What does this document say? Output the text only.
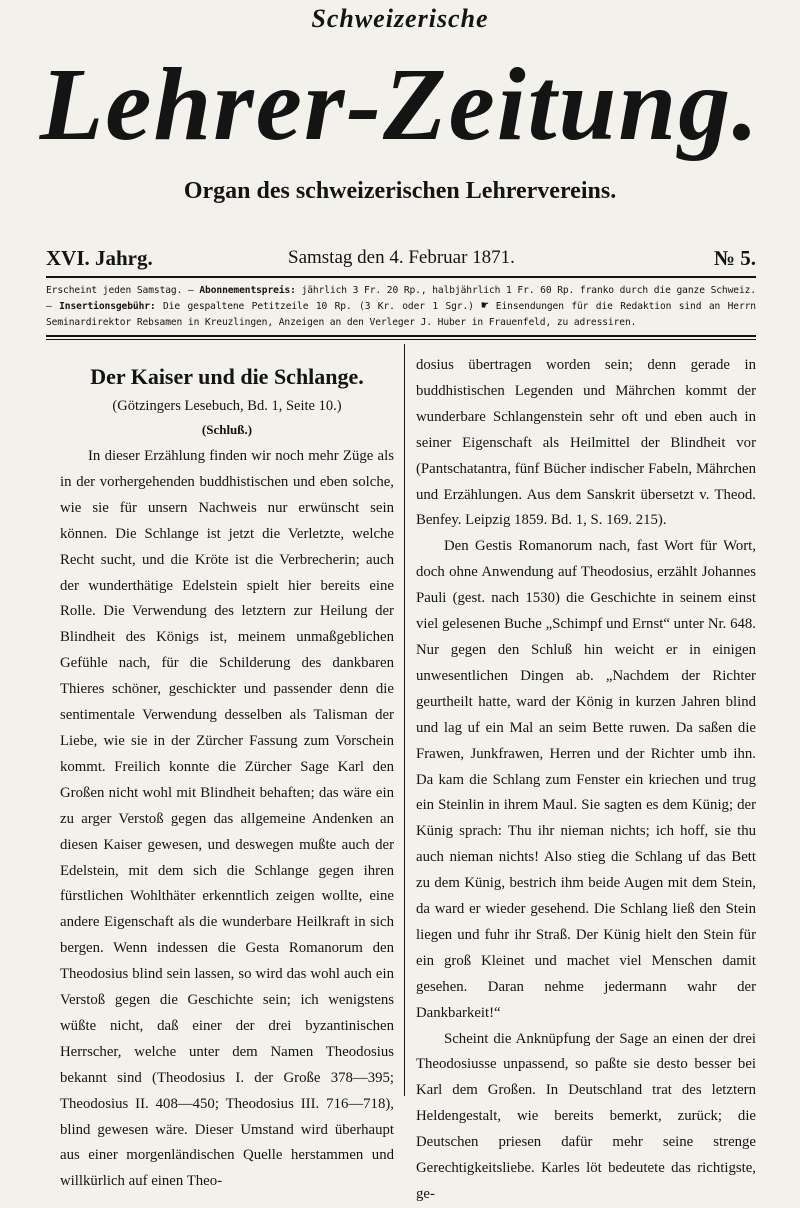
Schweizerische
Lehrer-Zeitung.
Organ des schweizerischen Lehrervereins.
XVI. Jahrg.	Samstag den 4. Februar 1871.	№ 5.
Erscheint jeden Samstag. — Abonnementspreis: jährlich 3 Fr. 20 Rp., halbjährlich 1 Fr. 60 Rp. franko durch die ganze Schweiz. — Insertionsgebühr: Die gespaltene Petitzeile 10 Rp. (3 Kr. oder 1 Sgr.) ☛ Einsendungen für die Redaktion sind an Herrn Seminardirektor Rebsamen in Kreuzlingen, Anzeigen an den Verleger J. Huber in Frauenfeld, zu adressiren.
Der Kaiser und die Schlange.
(Götzingers Lesebuch, Bd. 1, Seite 10.)
(Schluß.)

In dieser Erzählung finden wir noch mehr Züge als in der vorhergehenden buddhistischen und eben solche, wie sie für unsern Nachweis nur erwünscht sein können. Die Schlange ist jetzt die Verletzte, welche Recht sucht, und die Kröte ist die Verbrecherin; auch der wunderthätige Edelstein spielt hier bereits eine Rolle. Die Verwendung des letztern zur Heilung der Blindheit des Königs ist, meinem unmaßgeblichen Gefühle nach, für die Schilderung des dankbaren Thieres schöner, geschickter und passender denn die sentimentale Verwendung desselben als Talisman der Liebe, wie sie in der Zürcher Fassung zum Vorschein kommt. Freilich konnte die Zürcher Sage Karl den Großen nicht wohl mit Blindheit behaften; das wäre ein zu arger Verstoß gegen das allgemeine Andenken an diesen Kaiser gewesen, und deswegen mußte auch der Edelstein, mit dem sich die Schlange gegen ihren fürstlichen Wohlthäter erkenntlich zeigen wollte, eine andere Eigenschaft als die wunderbare Heilkraft in sich bergen. Wenn indessen die Gesta Romanorum den Theodosius blind sein lassen, so wird das wohl auch ein Verstoß gegen die Geschichte sein; ich wenigstens wüßte nicht, daß einer der drei byzantinischen Herrscher, welche unter dem Namen Theodosius bekannt sind (Theodosius I. der Große 378—395; Theodosius II. 408—450; Theodosius III. 716—718), blind gewesen wäre. Dieser Umstand wird überhaupt aus einer morgenländischen Quelle herstammen und willkürlich auf einen Theo-

dosius übertragen worden sein; denn gerade in buddhistischen Legenden und Mährchen kommt der wunderbare Schlangenstein sehr oft und eben auch in seiner Eigenschaft als Heilmittel der Blindheit vor (Pantschatantra, fünf Bücher indischer Fabeln, Mährchen und Erzählungen. Aus dem Sanskrit übersetzt v. Theod. Benfey. Leipzig 1859. Bd. 1, S. 169. 215).

Den Gestis Romanorum nach, fast Wort für Wort, doch ohne Anwendung auf Theodosius, erzählt Johannes Pauli (gest. nach 1530) die Geschichte in seinem einst viel gelesenen Buche „Schimpf und Ernst“ unter Nr. 648. Nur gegen den Schluß hin weicht er in einigen unwesentlichen Dingen ab. „Nachdem der Richter geurtheilt hatte, ward der König in kurzen Jahren blind und lag uf ein Mal an seim Bette ruwen. Da saßen die Frawen, Junkfrawen, Herren und der Richter umb ihn. Da kam die Schlang zum Fenster ein kriechen und trug ein Steinlin in ihrem Maul. Sie sagten es dem Künig; der Künig sprach: Thu ihr nieman nichts; ich hoff, sie thu auch nieman nichts! Also stieg die Schlang uf das Bett zu dem Künig, bestrich ihm beide Augen mit dem Stein, da ward er wieder gesehend. Die Schlang ließ den Stein liegen und fuhr ihr Straß. Der Künig hielt den Stein für ein groß Kleinet und machet viel Menschen damit gesehen. Daran nehme jedermann wahr der Dankbarkeit!“

Scheint die Anknüpfung der Sage an einen der drei Theodosiusse unpassend, so paßte sie desto besser bei Karl dem Großen. In Deutschland trat des letztern Heldengestalt, wie bereits bemerkt, zurück; die Deutschen priesen dafür mehr seine strenge Gerechtigkeitsliebe. Karles löt bedeutete das richtigste, ge-
